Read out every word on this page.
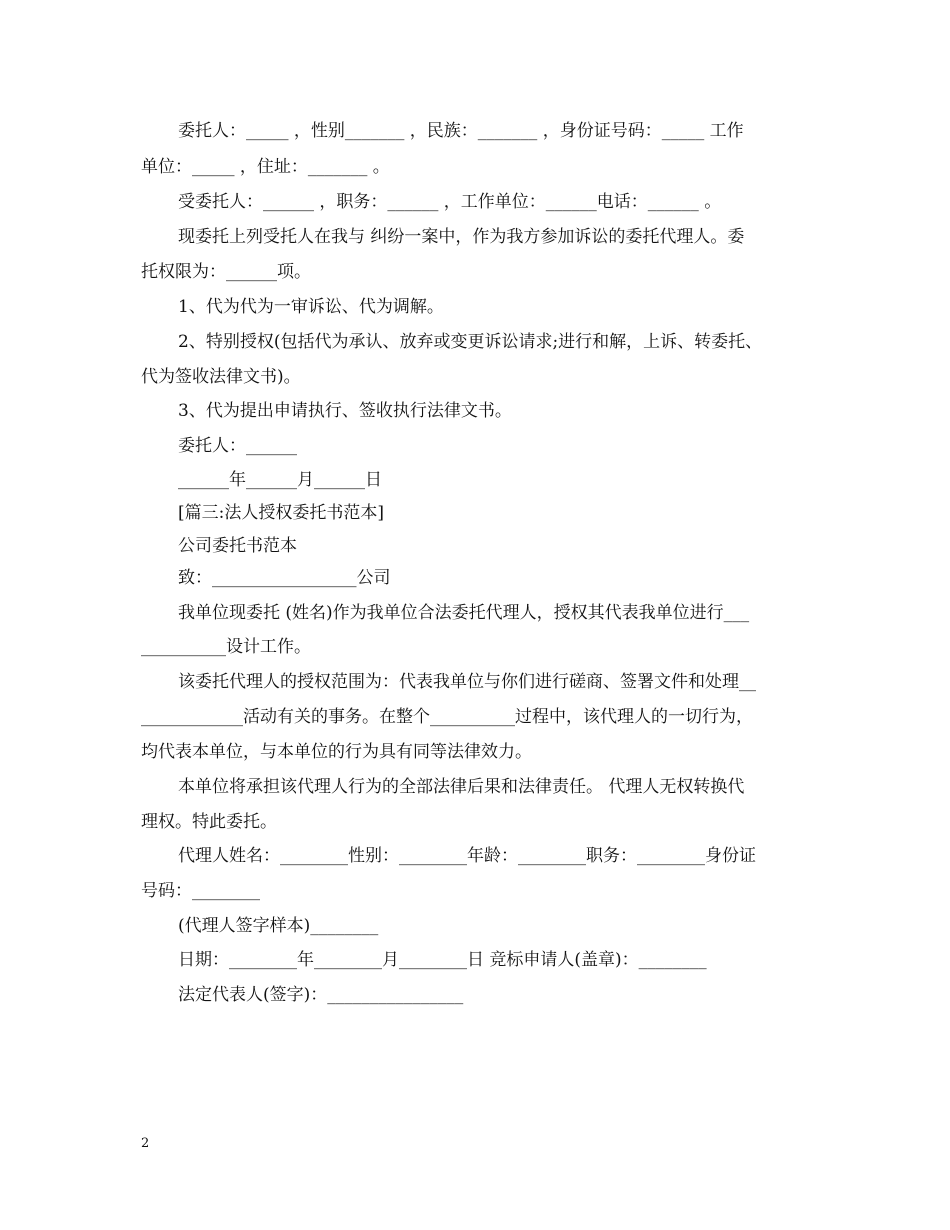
委托人：_____ ，性别_______ ，民族：_______ ，身份证号码：_____ 工作
单位：_____ ，住址：_______ 。
受委托人：______ ，职务：______ ，工作单位：______电话：______ 。
现委托上列受托人在我与 纠纷一案中，作为我方参加诉讼的委托代理人。委
托权限为：______项。
1、代为代为一审诉讼、代为调解。
2、特别授权(包括代为承认、放弃或变更诉讼请求;进行和解，上诉、转委托、
代为签收法律文书)。
3、代为提出申请执行、签收执行法律文书。
委托人：______
______年______月______日
[篇三:法人授权委托书范本]
公司委托书范本
致：_________________公司
我单位现委托 (姓名)作为我单位合法委托代理人，授权其代表我单位进行___
__________设计工作。
该委托代理人的授权范围为：代表我单位与你们进行磋商、签署文件和处理__
____________活动有关的事务。在整个__________过程中，该代理人的一切行为，
均代表本单位，与本单位的行为具有同等法律效力。
本单位将承担该代理人行为的全部法律后果和法律责任。 代理人无权转换代
理权。特此委托。
代理人姓名：________性别：________年龄：________职务：________身份证
号码：________
(代理人签字样本)________
日期：________年________月________日 竞标申请人(盖章)：________
法定代表人(签字)：________________
2
